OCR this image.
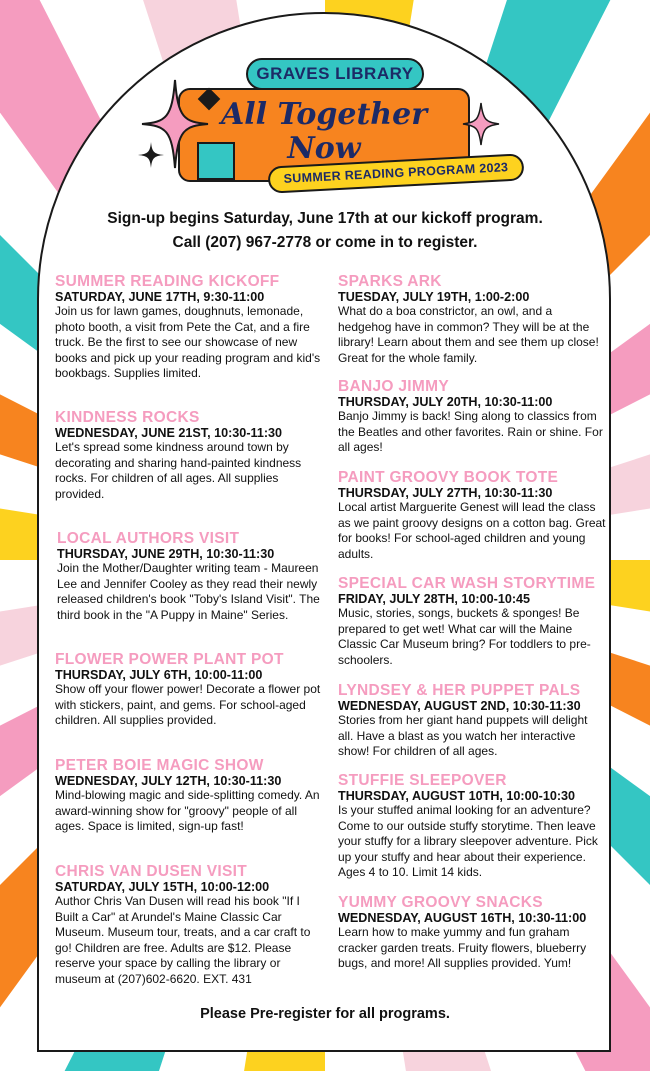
GRAVES LIBRARY
All Together
Now
SUMMER READING PROGRAM 2023
Sign-up begins Saturday, June 17th at our kickoff program.
Call (207) 967-2778 or come in to register.
SUMMER READING KICKOFF
SATURDAY, JUNE 17TH, 9:30-11:00
Join us for lawn games, doughnuts, lemonade, photo booth, a visit from Pete the Cat, and a fire truck. Be the first to see our showcase of new books and pick up your reading program and kid's bookbags. Supplies limited.
KINDNESS ROCKS
WEDNESDAY, JUNE 21ST, 10:30-11:30
Let's spread some kindness around town by decorating and sharing hand-painted kindness rocks. For children of all ages. All supplies provided.
LOCAL AUTHORS VISIT
THURSDAY, JUNE 29TH, 10:30-11:30
Join the Mother/Daughter writing team - Maureen Lee and Jennifer Cooley as they read their newly released children's book "Toby's Island Visit". The third book in the "A Puppy in Maine" Series.
FLOWER POWER PLANT POT
THURSDAY, JULY 6TH, 10:00-11:00
Show off your flower power! Decorate a flower pot with stickers, paint, and gems. For school-aged children. All supplies provided.
PETER BOIE MAGIC SHOW
WEDNESDAY, JULY 12TH, 10:30-11:30
Mind-blowing magic and side-splitting comedy. An award-winning show for "groovy" people of all ages. Space is limited, sign-up fast!
CHRIS VAN DUSEN VISIT
SATURDAY, JULY 15TH, 10:00-12:00
Author Chris Van Dusen will read his book "If I Built a Car" at Arundel's Maine Classic Car Museum. Museum tour, treats, and a car craft to go! Children are free. Adults are $12. Please reserve your space by calling the library or museum at (207)602-6620. EXT. 431
SPARKS ARK
TUESDAY, JULY 19TH, 1:00-2:00
What do a boa constrictor, an owl, and a hedgehog have in common? They will be at the library! Learn about them and see them up close! Great for the whole family.
BANJO JIMMY
THURSDAY, JULY 20TH, 10:30-11:00
Banjo Jimmy is back! Sing along to classics from the Beatles and other favorites. Rain or shine. For all ages!
PAINT GROOVY BOOK TOTE
THURSDAY, JULY 27TH, 10:30-11:30
Local artist Marguerite Genest will lead the class as we paint groovy designs on a cotton bag. Great for books! For school-aged children and young adults.
SPECIAL CAR WASH STORYTIME
FRIDAY, JULY 28TH, 10:00-10:45
Music, stories, songs, buckets & sponges! Be prepared to get wet! What car will the Maine Classic Car Museum bring? For toddlers to pre-schoolers.
LYNDSEY & HER PUPPET PALS
WEDNESDAY, AUGUST 2ND, 10:30-11:30
Stories from her giant hand puppets will delight all. Have a blast as you watch her interactive show! For children of all ages.
STUFFIE SLEEPOVER
THURSDAY, AUGUST 10TH, 10:00-10:30
Is your stuffed animal looking for an adventure? Come to our outside stuffy storytime. Then leave your stuffy for a library sleepover adventure. Pick up your stuffy and hear about their experience. Ages 4 to 10. Limit 14 kids.
YUMMY GROOVY SNACKS
WEDNESDAY, AUGUST 16TH, 10:30-11:00
Learn how to make yummy and fun graham cracker garden treats. Fruity flowers, blueberry bugs, and more! All supplies provided. Yum!
Please Pre-register for all programs.
